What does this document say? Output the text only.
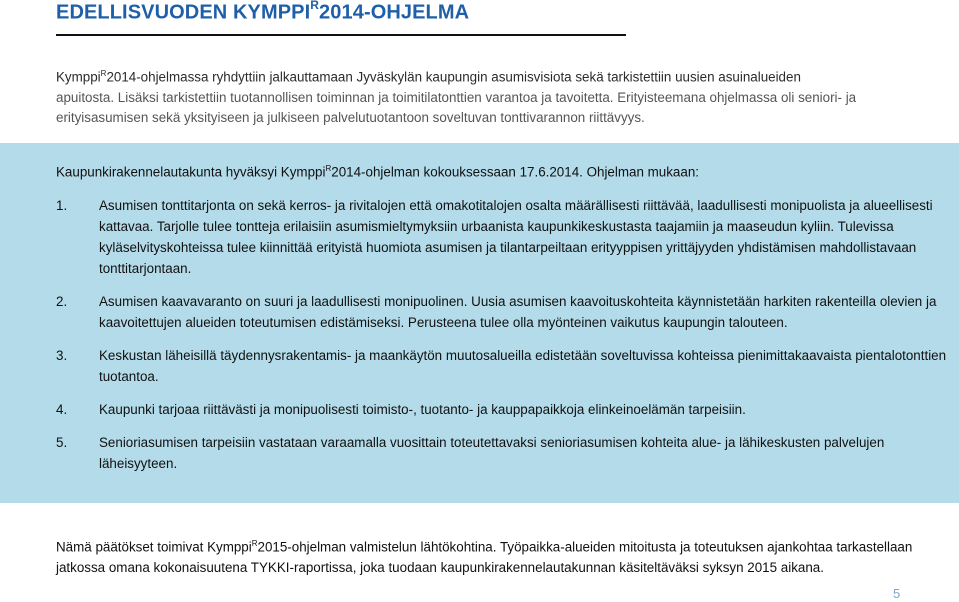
EDELLISVUODEN $KYMPPI^R2014$-OHJELMA
Kymppi$^R$2014-ohjelmassa ryhdyttiin jalkauttamaan Jyväskylän kaupungin asumisvisiota sekä tarkistettiin uusien asuinalueiden
apuitosta. Lisäksi tarkistettiin tuotannollisen toiminnan ja toimitilatonttien varantoa ja tavoitetta. Erityisteemana ohjelmassa oli seniori- ja erityisasumisen sekä yksityiseen ja julkiseen palvelutuotantoon soveltuvan tonttivarannon riittävyys.
Kaupunkirakennelautakunta hyväksyi Kymppi$^R$2014-ohjelman kokouksessaan 17.6.2014. Ohjelman mukaan:
1.	Asumisen tonttitarjonta on sekä kerros- ja rivitalojen että omakotitalojen osalta määrällisesti riittävää, laadullisesti monipuolista ja alueellisesti kattavaa. Tarjolle tulee tontteja erilaisiin asumismieltymyksiin urbaanista kaupunkikeskustasta taajamiin ja maaseudun kyliin. Tulevissa kyläselvityskohteissa tulee kiinnittää erityistä huomiota asumisen ja tilantarpeiltaan erityyppisen yrittäjyyden yhdistämisen mahdollistavaan tonttitarjontaan.
2.	Asumisen kaavavaranto on suuri ja laadullisesti monipuolinen. Uusia asumisen kaavoituskohteita käynnistetään harkiten rakenteilla olevien ja kaavoitettujen alueiden toteutumisen edistämiseksi. Perusteena tulee olla myönteinen vaikutus kaupungin talouteen.
3.	Keskustan läheisillä täydennysrakentamis- ja maankäytön muutosalueilla edistetään soveltuvissa kohteissa pienimittakaavaista pientalotonttien tuotantoa.
4.	Kaupunki tarjoaa riittävästi ja monipuolisesti toimisto-, tuotanto- ja kauppapaikkoja elinkeinoelämän tarpeisiin.
5.	Senioriasumisen tarpeisiin vastataan varaamalla vuosittain toteutettavaksi senioriasumisen kohteita alue- ja lähikeskusten palvelujen läheisyyteen.
Nämä päätökset toimivat Kymppi$^R$2015-ohjelman valmistelun lähtökohtina. Työpaikka-alueiden mitoitusta ja toteutuksen ajankohtaa tarkastellaan jatkossa omana kokonaisuutena TYKKI-raportissa, joka tuodaan kaupunkirakennelautakunnan käsiteltäväksi syksyn 2015 aikana.
5
